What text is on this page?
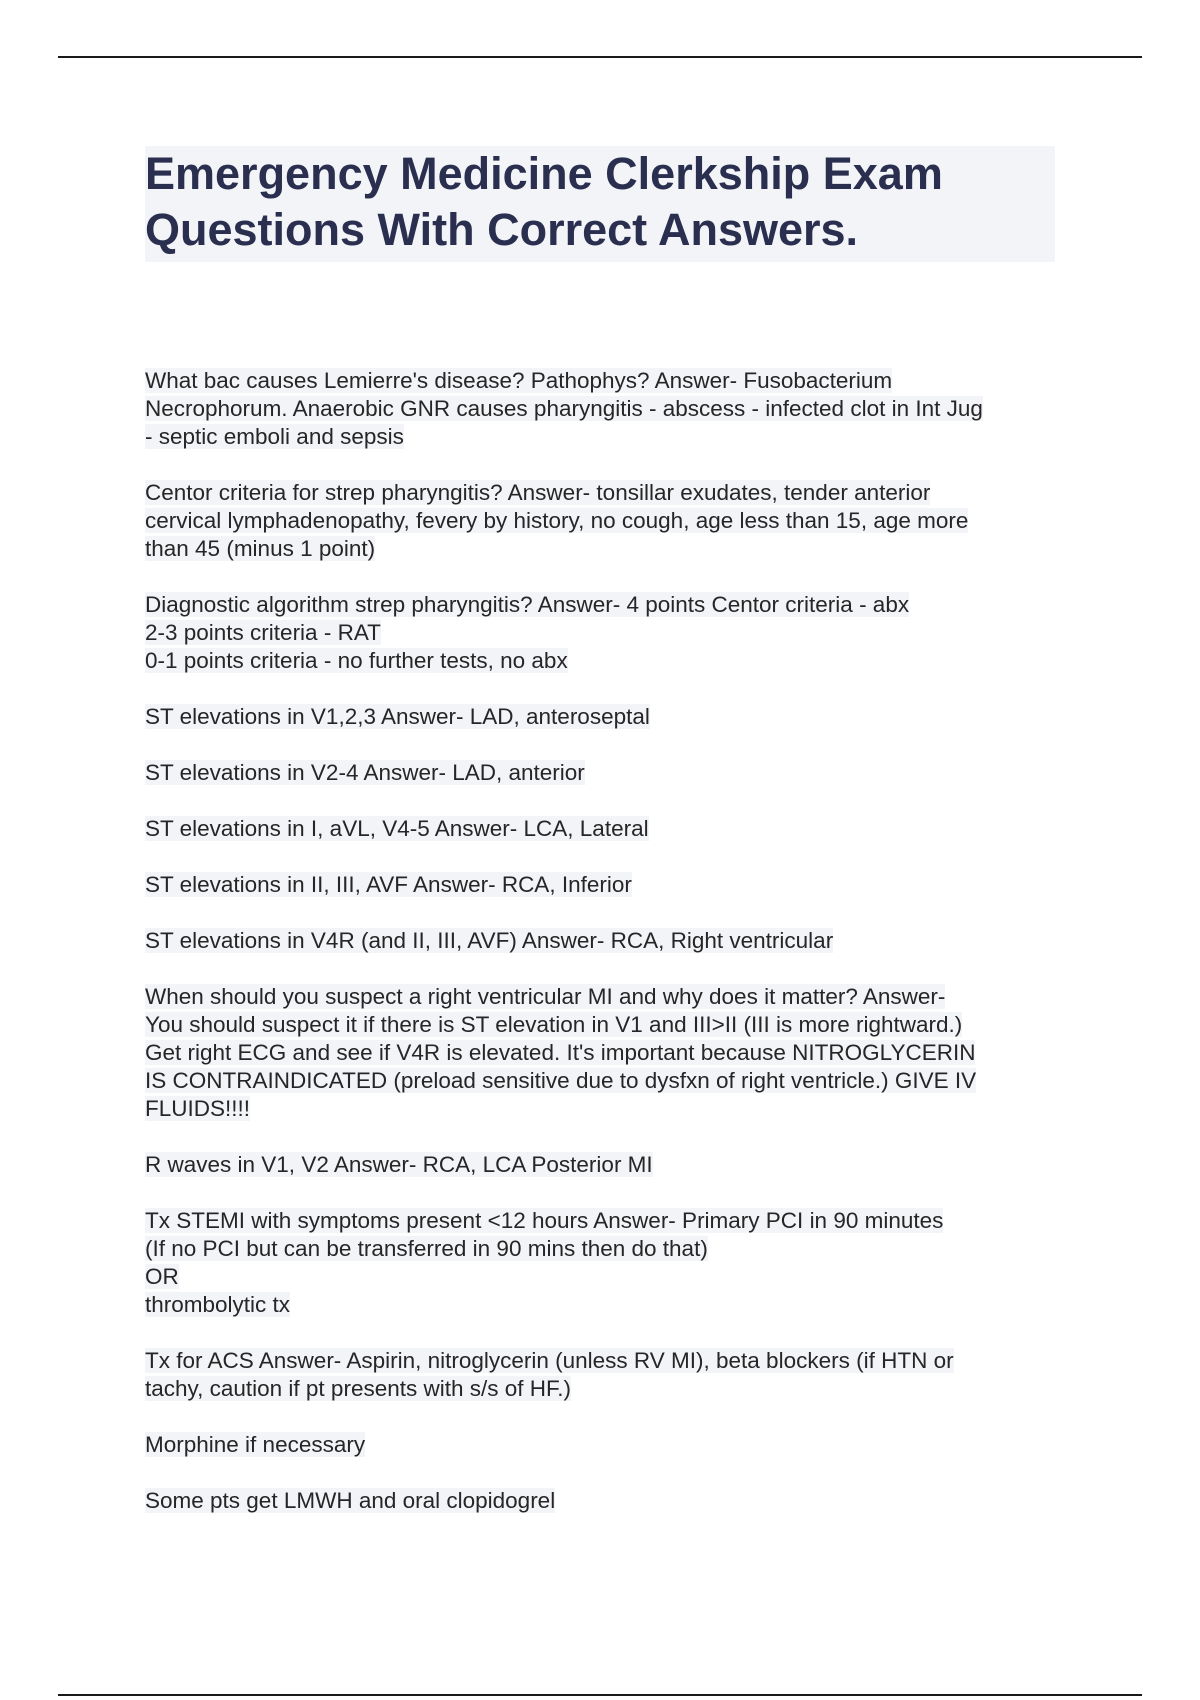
Emergency Medicine Clerkship Exam
Questions With Correct Answers.
What bac causes Lemierre's disease? Pathophys? Answer- Fusobacterium
Necrophorum. Anaerobic GNR causes pharyngitis - abscess - infected clot in Int Jug
- septic emboli and sepsis
Centor criteria for strep pharyngitis? Answer- tonsillar exudates, tender anterior
cervical lymphadenopathy, fevery by history, no cough, age less than 15, age more
than 45 (minus 1 point)
Diagnostic algorithm strep pharyngitis? Answer- 4 points Centor criteria - abx
2-3 points criteria - RAT
0-1 points criteria - no further tests, no abx
ST elevations in V1,2,3 Answer- LAD, anteroseptal
ST elevations in V2-4 Answer- LAD, anterior
ST elevations in I, aVL, V4-5 Answer- LCA, Lateral
ST elevations in II, III, AVF Answer- RCA, Inferior
ST elevations in V4R (and II, III, AVF) Answer- RCA, Right ventricular
When should you suspect a right ventricular MI and why does it matter? Answer-
You should suspect it if there is ST elevation in V1 and III>II (III is more rightward.)
Get right ECG and see if V4R is elevated. It's important because NITROGLYCERIN
IS CONTRAINDICATED (preload sensitive due to dysfxn of right ventricle.) GIVE IV
FLUIDS!!!!
R waves in V1, V2 Answer- RCA, LCA Posterior MI
Tx STEMI with symptoms present <12 hours Answer- Primary PCI in 90 minutes
(If no PCI but can be transferred in 90 mins then do that)
OR
thrombolytic tx
Tx for ACS Answer- Aspirin, nitroglycerin (unless RV MI), beta blockers (if HTN or
tachy, caution if pt presents with s/s of HF.)
Morphine if necessary
Some pts get LMWH and oral clopidogrel
